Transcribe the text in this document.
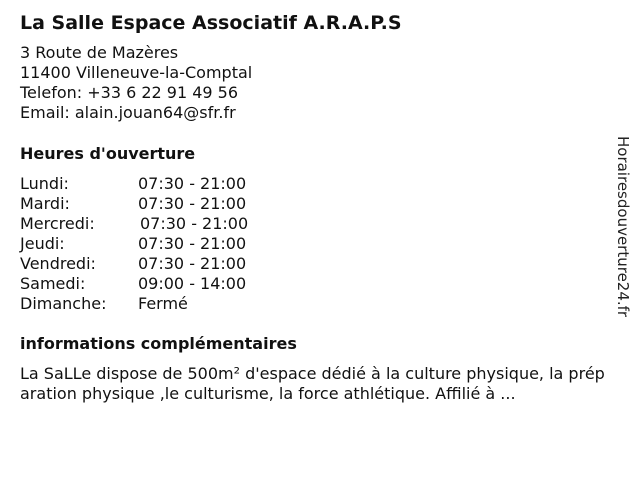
La Salle Espace Associatif A.R.A.P.S
3 Route de Mazères
11400 Villeneuve-la-Comptal
Telefon: +33 6 22 91 49 56
Email: alain.jouan64@sfr.fr
Heures d'ouverture
Lundi:	07:30 - 21:00
Mardi:	07:30 - 21:00
Mercredi:	07:30 - 21:00
Jeudi:	07:30 - 21:00
Vendredi:	07:30 - 21:00
Samedi:	09:00 - 14:00
Dimanche: Fermé
informations complémentaires
La SaLLe dispose de 500m² d'espace dédié à la culture physique, la préparation physique ,le culturisme, la force athlétique. Affilié à ...
Horairesdouverture24.fr
